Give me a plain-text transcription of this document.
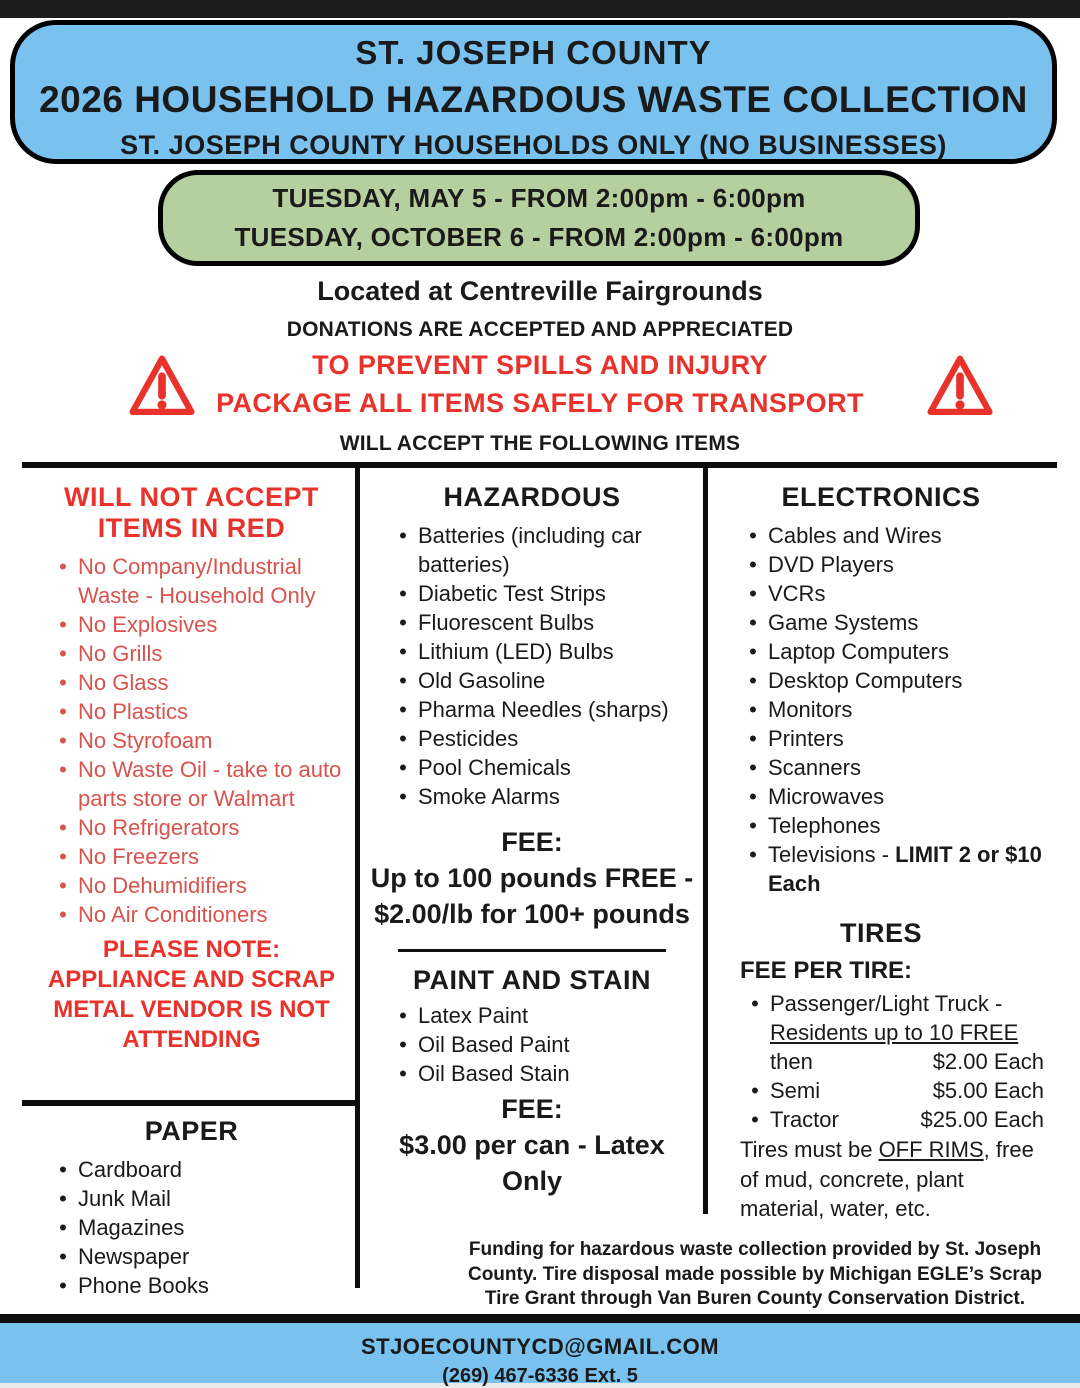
ST. JOSEPH COUNTY
2026 HOUSEHOLD HAZARDOUS WASTE COLLECTION
ST. JOSEPH COUNTY HOUSEHOLDS ONLY (NO BUSINESSES)
TUESDAY, MAY 5 - FROM 2:00pm - 6:00pm
TUESDAY, OCTOBER 6 - FROM 2:00pm - 6:00pm
Located at Centreville Fairgrounds
DONATIONS ARE ACCEPTED AND APPRECIATED
TO PREVENT SPILLS AND INJURY
PACKAGE ALL ITEMS SAFELY FOR TRANSPORT
WILL ACCEPT THE FOLLOWING ITEMS
WILL NOT ACCEPT
ITEMS IN RED
• No Company/Industrial Waste - Household Only
• No Explosives
• No Grills
• No Glass
• No Plastics
• No Styrofoam
• No Waste Oil - take to auto parts store or Walmart
• No Refrigerators
• No Freezers
• No Dehumidifiers
• No Air Conditioners
PLEASE NOTE:
APPLIANCE AND SCRAP METAL VENDOR IS NOT ATTENDING
PAPER
• Cardboard
• Junk Mail
• Magazines
• Newspaper
• Phone Books
HAZARDOUS
• Batteries (including car batteries)
• Diabetic Test Strips
• Fluorescent Bulbs
• Lithium (LED) Bulbs
• Old Gasoline
• Pharma Needles (sharps)
• Pesticides
• Pool Chemicals
• Smoke Alarms
FEE:
Up to 100 pounds FREE - $2.00/lb for 100+ pounds
PAINT AND STAIN
• Latex Paint
• Oil Based Paint
• Oil Based Stain
FEE:
$3.00 per can - Latex Only
ELECTRONICS
• Cables and Wires
• DVD Players
• VCRs
• Game Systems
• Laptop Computers
• Desktop Computers
• Monitors
• Printers
• Scanners
• Microwaves
• Telephones
• Televisions - LIMIT 2 or $10 Each
TIRES
FEE PER TIRE:
• Passenger/Light Truck -
Residents up to 10 FREE
then	$2.00 Each
• Semi	$5.00 Each
• Tractor	$25.00 Each
Tires must be OFF RIMS, free of mud, concrete, plant material, water, etc.
Funding for hazardous waste collection provided by St. Joseph County. Tire disposal made possible by Michigan EGLE’s Scrap Tire Grant through Van Buren County Conservation District.
STJOECOUNTYCD@GMAIL.COM
(269) 467-6336 Ext. 5
